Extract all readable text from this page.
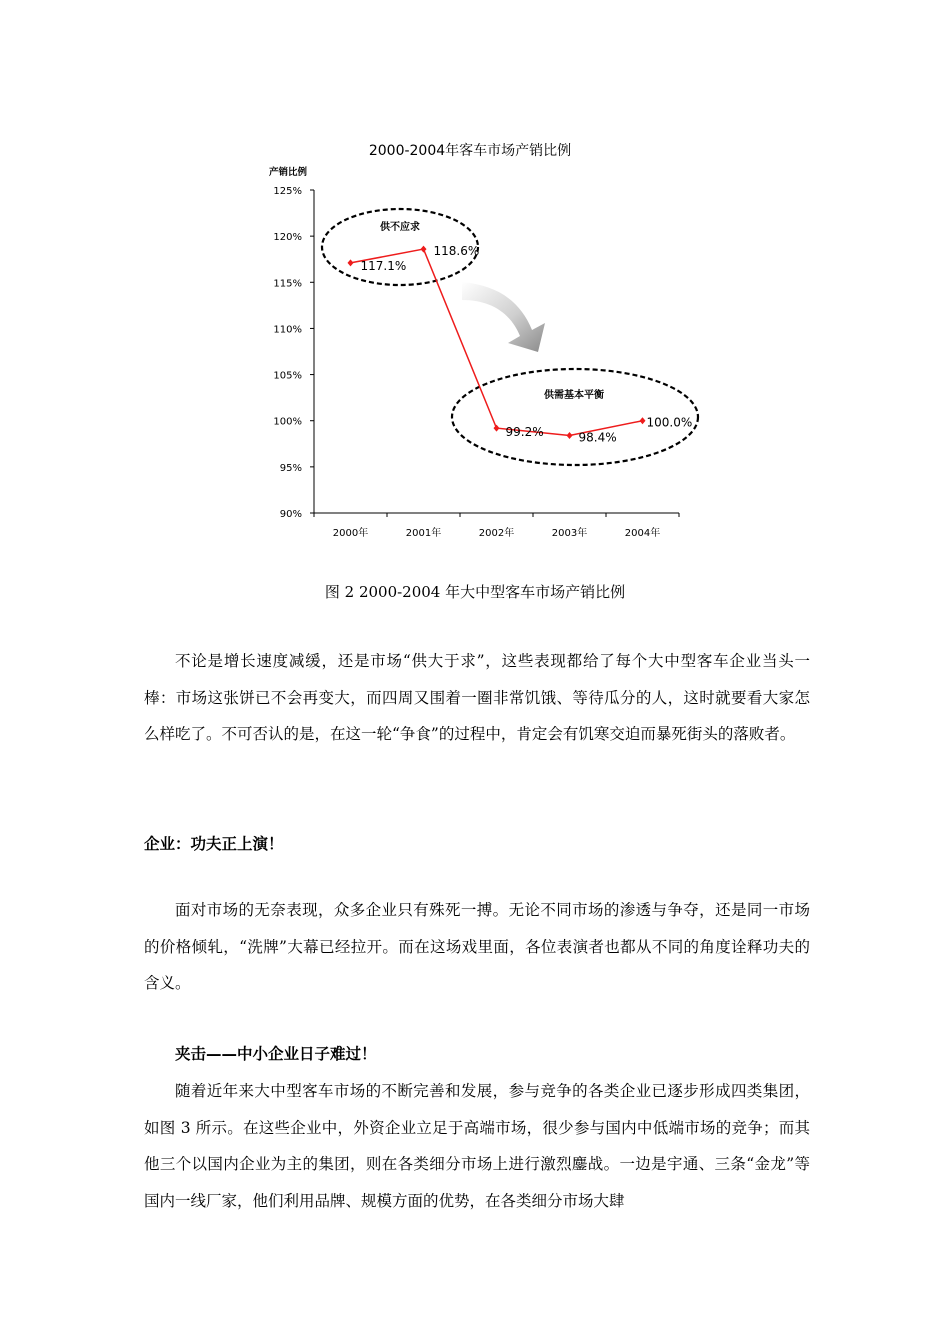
2000-2004年客车市场产销比例
产销比例
125%
120%
115%
110%
105%
100%
95%
90%
2000年	2001年	2002年	2003年	2004年
供不应求
供需基本平衡
117.1%
118.6%
99.2%	98.4%
100.0%
图 2 2000-2004 年大中型客车市场产销比例
不论是增长速度减缓，还是市场“供大于求”，这些表现都给了每个大中型客车企业当头一棒：市场这张饼已不会再变大，而四周又围着一圈非常饥饿、等待瓜分的人，这时就要看大家怎么样吃了。不可否认的是，在这一轮“争食”的过程中，肯定会有饥寒交迫而暴死街头的落败者。
企业：功夫正上演！
面对市场的无奈表现，众多企业只有殊死一搏。无论不同市场的渗透与争夺，还是同一市场的价格倾轧，“洗牌”大幕已经拉开。而在这场戏里面，各位表演者也都从不同的角度诠释功夫的含义。
夹击——中小企业日子难过！
随着近年来大中型客车市场的不断完善和发展，参与竞争的各类企业已逐步形成四类集团，如图 3 所示。在这些企业中，外资企业立足于高端市场，很少参与国内中低端市场的竞争；而其他三个以国内企业为主的集团，则在各类细分市场上进行激烈鏖战。一边是宇通、三条“金龙”等国内一线厂家，他们利用品牌、规模方面的优势，在各类细分市场大肆
